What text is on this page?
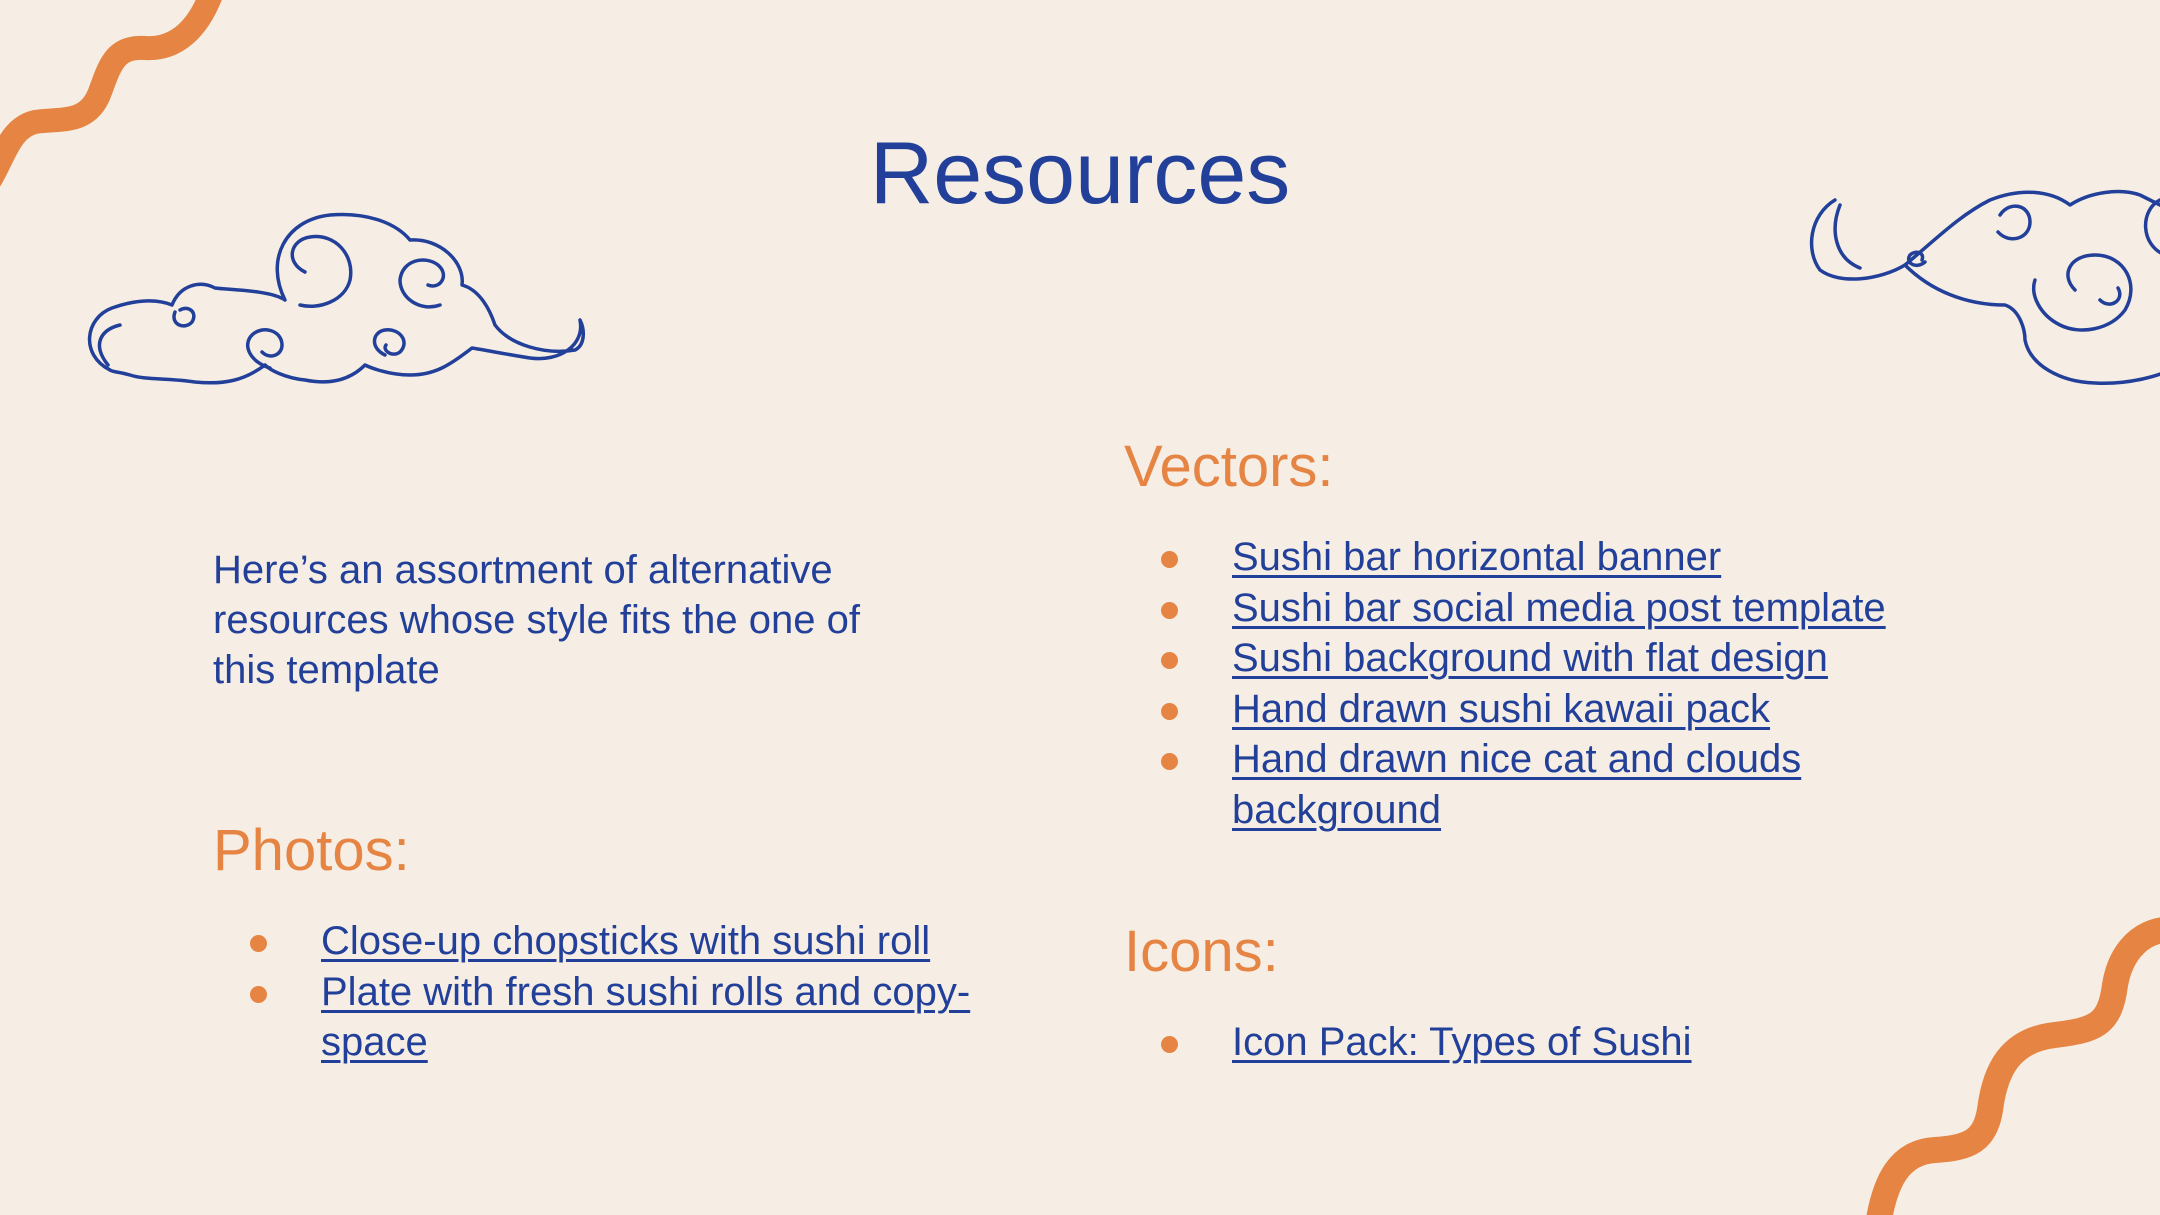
Resources

Here’s an assortment of alternative resources whose style fits the one of this template

Vectors:
Sushi bar horizontal banner
Sushi bar social media post template
Sushi background with flat design
Hand drawn sushi kawaii pack
Hand drawn nice cat and clouds background
Photos:
Close-up chopsticks with sushi roll
Plate with fresh sushi rolls and copy-space
Icons:
Icon Pack: Types of Sushi
